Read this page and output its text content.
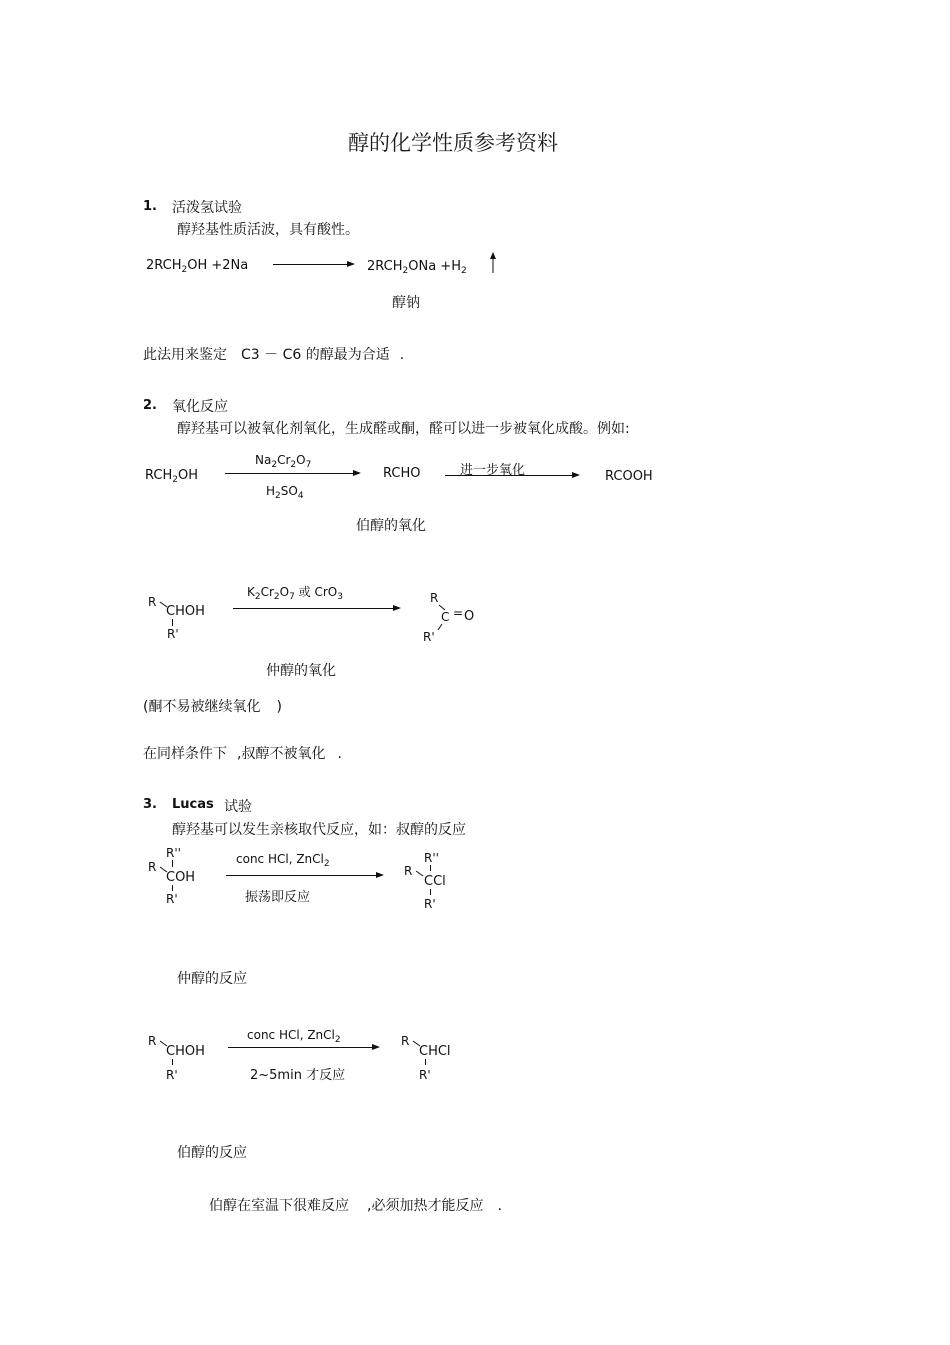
醇的化学性质参考资料
1. 活泼氢试验
醇羟基性质活波，具有酸性。
$2RCH_2OH +2Na$	$2RCH_2ONa +H_2$
醇钠
此法用来鉴定 C3 － C6 的醇最为合适 .
2. 氧化反应
醇羟基可以被氧化剂氧化，生成醛或酮，醛可以进一步被氧化成酸。例如:
$RCH_2OH$
$Na_2Cr_2O_7$
$H_2SO_4$
RCHO	进一步氧化	RCOOH
伯醇的氧化
R
CHOH
R'
$K_2Cr_2O_7$ 或 CrO$_3$	R
C = O
R'
仲醇的氧化
(酮不易被继续氧化 )
在同样条件下 ,叔醇不被氧化 .
3. Lucas 试验
醇羟基可以发生亲核取代反应，如：叔醇的反应
R''
R
COH
R'
conc HCl, ZnCl$_2$
振荡即反应
R''
R
CCl
R'
仲醇的反应
R
CHOH
R'
conc HCl, ZnCl$_2$
2~5min 才反应
R
CHCl
R'
伯醇的反应
伯醇在室温下很难反应 ,必须加热才能反应 .
